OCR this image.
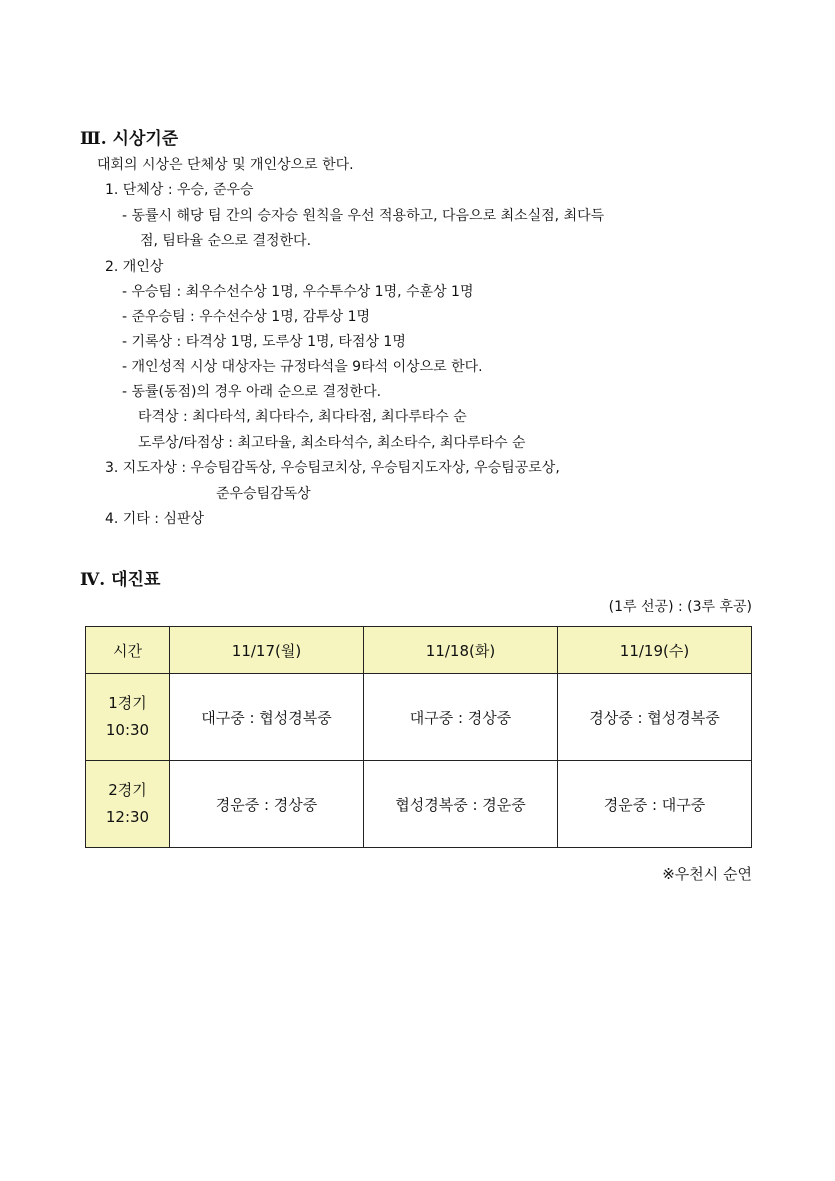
Ⅲ. 시상기준
대회의 시상은 단체상 및 개인상으로 한다.
1. 단체상 : 우승, 준우승
- 동률시 해당 팀 간의 승자승 원칙을 우선 적용하고, 다음으로 최소실점, 최다득
점, 팀타율 순으로 결정한다.
2. 개인상
- 우승팀 : 최우수선수상 1명, 우수투수상 1명, 수훈상 1명
- 준우승팀 : 우수선수상 1명, 감투상 1명
- 기록상 : 타격상 1명, 도루상 1명, 타점상 1명
- 개인성적 시상 대상자는 규정타석을 9타석 이상으로 한다.
- 동률(동점)의 경우 아래 순으로 결정한다.
타격상 : 최다타석, 최다타수, 최다타점, 최다루타수 순
도루상/타점상 : 최고타율, 최소타석수, 최소타수, 최다루타수 순
3. 지도자상 : 우승팀감독상, 우승팀코치상, 우승팀지도자상, 우승팀공로상,
준우승팀감독상
4. 기타 : 심판상
Ⅳ. 대진표
(1루 선공) : (3루 후공)
시간	11/17(월)	11/18(화)	11/19(수)

1경기
10:30	대구중 : 협성경복중	대구중 : 경상중	경상중 : 협성경복중

2경기
12:30	경운중 : 경상중	협성경복중 : 경운중	경운중 : 대구중
※우천시 순연
